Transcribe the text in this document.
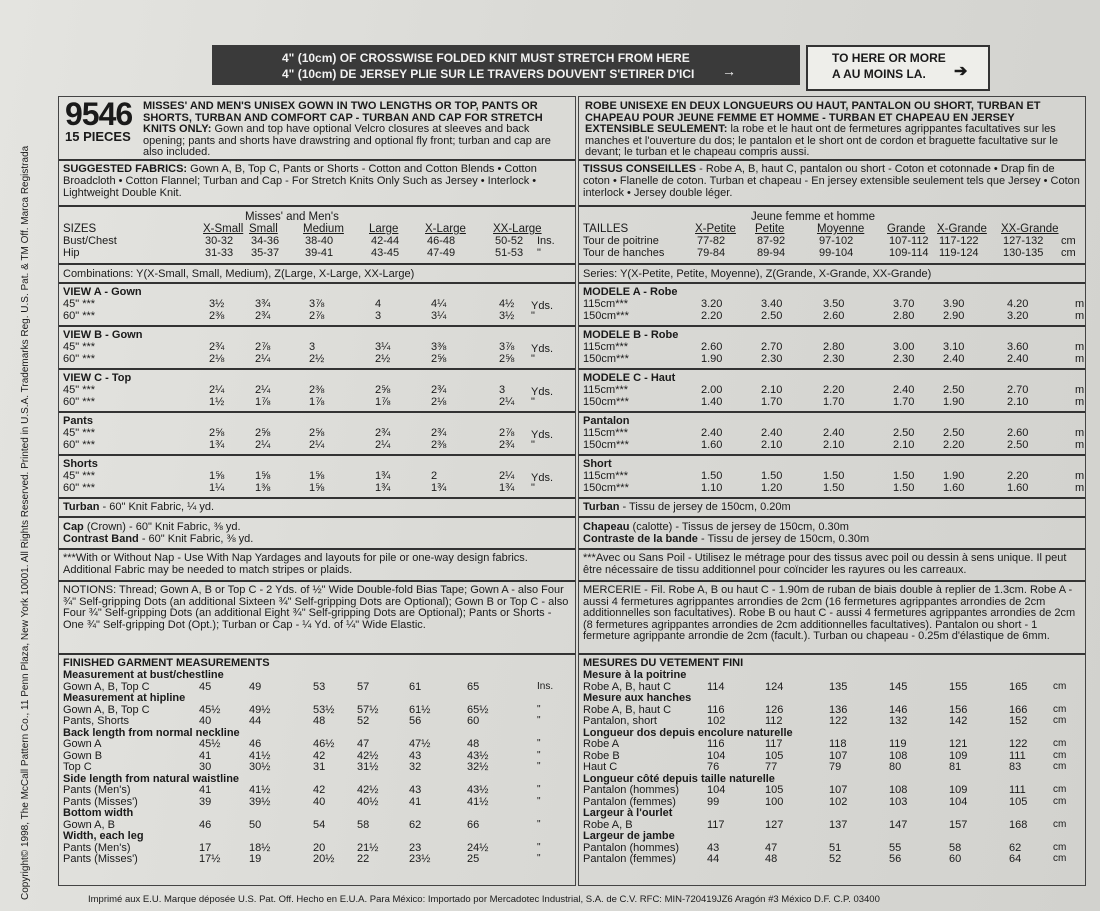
Copyright© 1998, The McCall Pattern Co., 11 Penn Plaza, New York 10001. All Rights Reserved. Printed in U.S.A. Trademarks Reg. U.S. Pat. & TM Off. Marca Registrada
4" (10cm) OF CROSSWISE FOLDED KNIT MUST STRETCH FROM HERE
4" (10cm) DE JERSEY PLIE SUR LE TRAVERS DOUVENT S'ETIRER D'ICI →
TO HERE OR MORE
A AU MOINS LA. ➔
9546
15 PIECES
MISSES' AND MEN'S UNISEX GOWN IN TWO LENGTHS OR TOP, PANTS OR SHORTS, TURBAN AND COMFORT CAP - TURBAN AND CAP FOR STRETCH KNITS ONLY: Gown and top have optional Velcro closures at sleeves and back opening; pants and shorts have drawstring and optional fly front; turban and cap are also included.
SUGGESTED FABRICS: Gown A, B, Top C, Pants or Shorts - Cotton and Cotton Blends • Cotton Broadcloth • Cotton Flannel; Turban and Cap - For Stretch Knits Only Such as Jersey • Interlock • Lightweight Double Knit.
Misses' and Men's
SIZES	X-Small Small Medium Large X-Large XX-Large
Bust/Chest	30-32 34-36 38-40	42-44	46-48	50-52 Ins.
Hip	31-33 35-37 39-41	43-45	47-49	51-53 "
Combinations: Y(X-Small, Small, Medium), Z(Large, X-Large, XX-Large)
VIEW A - Gown
45" ***	3½	3¾	3⅞	4	4¼	4½ Yds.
60" ***	2⅜	2¾	2⅞	3	3¼	3½ "
VIEW B - Gown
45" ***	2¾	2⅞	3	3¼	3⅜	3⅞ Yds.
60" ***	2⅛	2¼	2½	2½	2⅝	2⅝ "
VIEW C - Top
45" ***	2¼	2¼	2⅜	2⅝	2¾	3 Yds.
60" ***	1½	1⅞	1⅞	1⅞	2⅛	2¼ "
Pants
45" ***	2⅝	2⅝	2⅝	2¾	2¾	2⅞ Yds.
60" ***	1¾	2¼	2¼	2¼	2⅜	2¾ "
Shorts
45" ***	1⅝	1⅝	1⅝	1¾	2	2¼ Yds.
60" ***	1¼	1⅜	1⅝	1¾	1¾	1¾ "
Turban - 60" Knit Fabric, ¼ yd.
Cap (Crown) - 60" Knit Fabric, ⅜ yd.
Contrast Band - 60" Knit Fabric, ⅜ yd.
***With or Without Nap - Use With Nap Yardages and layouts for pile or one-way design fabrics. Additional Fabric may be needed to match stripes or plaids.
NOTIONS: Thread; Gown A, B or Top C - 2 Yds. of ½" Wide Double-fold Bias Tape; Gown A - also Four ¾" Self-gripping Dots (an additional Sixteen ¾" Self-gripping Dots are Optional); Gown B or Top C - also Four ¾" Self-gripping Dots (an additional Eight ¾" Self-gripping Dots are Optional); Pants or Shorts - One ¾" Self-gripping Dot (Opt.); Turban or Cap - ¼ Yd. of ¼" Wide Elastic.
FINISHED GARMENT MEASUREMENTS
Measurement at bust/chestline
Gown A, B, Top C	45	49	53	57	61	65	Ins.
Measurement at hipline
Gown A, B, Top C	45½	49½	53½ 57½	61½	65½	"
Pants, Shorts	40	44	48	52	56	60	"
Back length from normal neckline
Gown A	45½	46	46½ 47	47½	48	"
Gown B	41	41½	42	42½	43	43½	"
Top C	30	30½	31	31½	32	32½	"
Side length from natural waistline
Pants (Men's)	41	41½	42	42½	43	43½	"
Pants (Misses')	39	39½	40	40½	41	41½	"
Bottom width
Gown A, B	46	50	54	58	62	66	"
Width, each leg
Pants (Men's)	17	18½	20	21½	23	24½	"
Pants (Misses')	17½	19	20½ 22	23½	25	"
ROBE UNISEXE EN DEUX LONGUEURS OU HAUT, PANTALON OU SHORT, TURBAN ET CHAPEAU POUR JEUNE FEMME ET HOMME - TURBAN ET CHAPEAU EN JERSEY EXTENSIBLE SEULEMENT: la robe et le haut ont de fermetures agrippantes facultatives sur les manches et l'ouverture du dos; le pantalon et le short ont de cordon et braguette facultative sur le devant; le turban et le chapeau compris aussi.
TISSUS CONSEILLES - Robe A, B, haut C, pantalon ou short - Coton et cotonnade • Drap fin de coton • Flanelle de coton. Turban et chapeau - En jersey extensible seulement tels que Jersey • Coton interlock • Jersey double léger.
Jeune femme et homme
TAILLES	X-Petite Petite	Moyenne Grande X-Grande XX-Grande
Tour de poitrine	77-82	87-92	97-102	107-112 117-122 127-132 cm
Tour de hanches	79-84	89-94	99-104	109-114 119-124 130-135 cm
Series: Y(X-Petite, Petite, Moyenne), Z(Grande, X-Grande, XX-Grande)
MODELE A - Robe
115cm***	3.20	3.40	3.50	3.70	3.90	4.20	m
150cm***	2.20	2.50	2.60	2.80	2.90	3.20	m
MODELE B - Robe
115cm***	2.60	2.70	2.80	3.00	3.10	3.60	m
150cm***	1.90	2.30	2.30	2.30	2.40	2.40	m
MODELE C - Haut
115cm***	2.00	2.10	2.20	2.40	2.50	2.70	m
150cm***	1.40	1.70	1.70	1.70	1.90	2.10	m
Pantalon
115cm***	2.40	2.40	2.40	2.50	2.50	2.60	m
150cm***	1.60	2.10	2.10	2.10	2.20	2.50	m
Short
115cm***	1.50	1.50	1.50	1.50	1.90	2.20	m
150cm***	1.10	1.20	1.50	1.50	1.60	1.60	m
Turban - Tissu de jersey de 150cm, 0.20m
Chapeau (calotte) - Tissus de jersey de 150cm, 0.30m
Contraste de la bande - Tissu de jersey de 150cm, 0.30m
***Avec ou Sans Poil - Utilisez le métrage pour des tissus avec poil ou dessin à sens unique. Il peut être nécessaire de tissu additionnel pour coïncider les rayures ou les carreaux.
MERCERIE - Fil. Robe A, B ou haut C - 1.90m de ruban de biais double à replier de 1.3cm. Robe A - aussi 4 fermetures agrippantes arrondies de 2cm (16 fermetures agrippantes arrondies de 2cm additionnelles son facultatives). Robe B ou haut C - aussi 4 fermetures agrippantes arrondies de 2cm (8 fermetures agrippantes arrondies de 2cm additionnelles facultatives). Pantalon ou short - 1 fermeture agrippante arrondie de 2cm (facult.). Turban ou chapeau - 0.25m d'élastique de 6mm.
MESURES DU VETEMENT FINI
Mesure à la poitrine
Robe A, B, haut C	114	124	135	145	155	165	cm
Mesure aux hanches
Robe A, B, haut C	116	126	136	146	156	166	cm
Pantalon, short	102	112	122	132	142	152	cm
Longueur dos depuis encolure naturelle
Robe A	116	117	118	119	121	122	cm
Robe B	104	105	107	108	109	111	cm
Haut C	76	77	79	80	81	83	cm
Longueur côté depuis taille naturelle
Pantalon (hommes)	104	105	107	108	109	111	cm
Pantalon (femmes)	99	100	102	103	104	105	cm
Largeur à l'ourlet
Robe A, B	117	127	137	147	157	168	cm
Largeur de jambe
Pantalon (hommes)	43	47	51	55	58	62	cm
Pantalon (femmes)	44	48	52	56	60	64	cm
Imprimé aux E.U. Marque déposée U.S. Pat. Off. Hecho en E.U.A. Para México: Importado por Mercadotec Industrial, S.A. de C.V. RFC: MIN-720419JZ6 Aragón #3 México D.F. C.P. 03400
